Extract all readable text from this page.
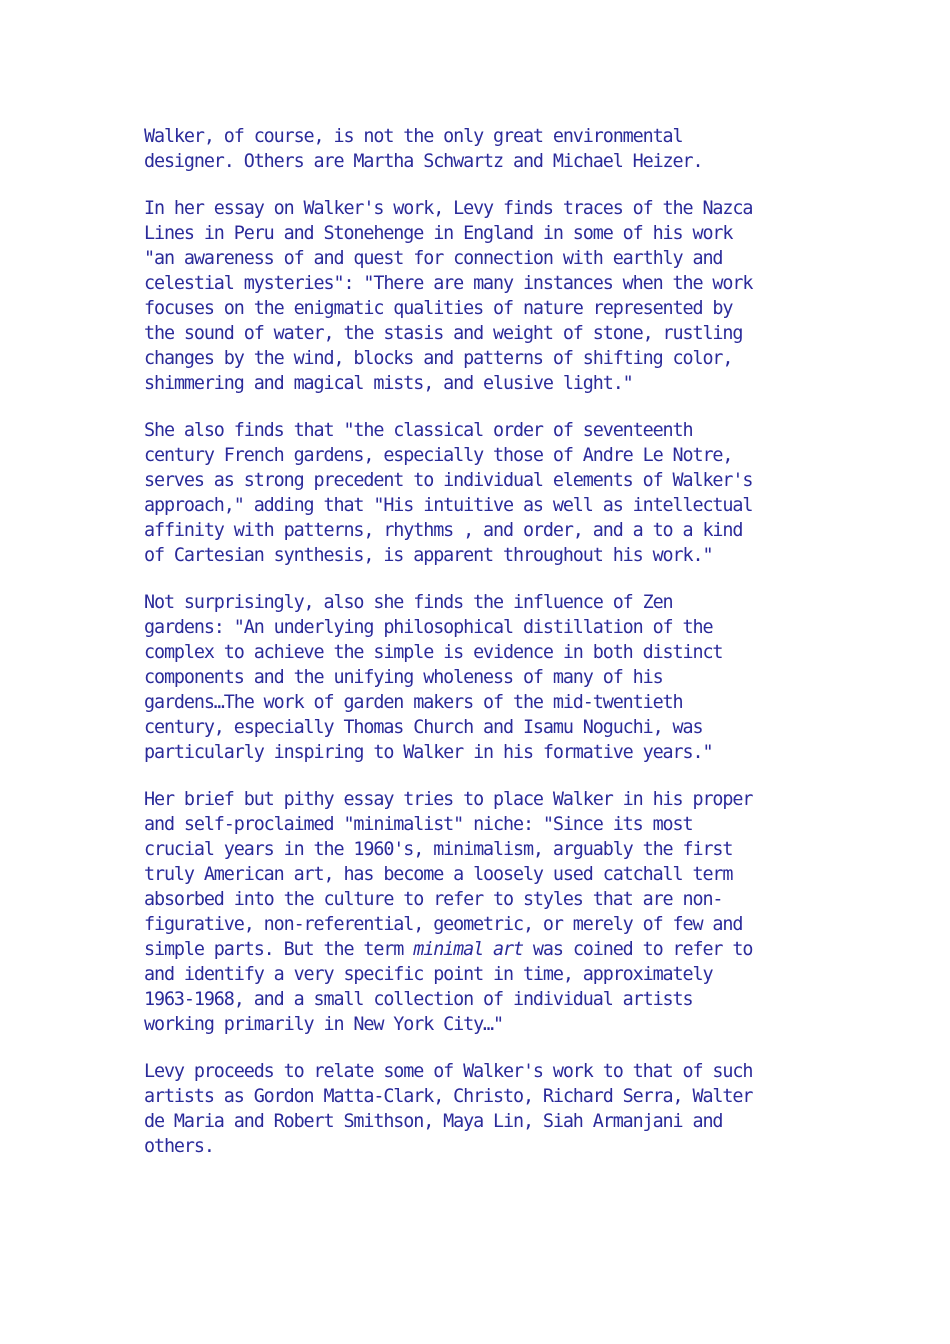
Walker, of course, is not the only great environmental
designer. Others are Martha Schwartz and Michael Heizer.

In her essay on Walker's work, Levy finds traces of the Nazca
Lines in Peru and Stonehenge in England in some of his work
"an awareness of and quest for connection with earthly and
celestial mysteries": "There are many instances when the work
focuses on the enigmatic qualities of nature represented by
the sound of water, the stasis and weight of stone, rustling
changes by the wind, blocks and patterns of shifting color,
shimmering and magical mists, and elusive light."

She also finds that "the classical order of seventeenth
century French gardens, especially those of Andre Le Notre,
serves as strong precedent to individual elements of Walker's
approach," adding that "His intuitive as well as intellectual
affinity with patterns, rhythms , and order, and a to a kind
of Cartesian synthesis, is apparent throughout his work."

Not surprisingly, also she finds the influence of Zen
gardens: "An underlying philosophical distillation of the
complex to achieve the simple is evidence in both distinct
components and the unifying wholeness of many of his
gardens…The work of garden makers of the mid-twentieth
century, especially Thomas Church and Isamu Noguchi, was
particularly inspiring to Walker in his formative years."

Her brief but pithy essay tries to place Walker in his proper
and self-proclaimed "minimalist" niche: "Since its most
crucial years in the 1960's, minimalism, arguably the first
truly American art, has become a loosely used catchall term
absorbed into the culture to refer to styles that are non-
figurative, non-referential, geometric, or merely of few and
simple parts. But the term minimal art was coined to refer to
and identify a very specific point in time, approximately
1963-1968, and a small collection of individual artists
working primarily in New York City…"

Levy proceeds to relate some of Walker's work to that of such
artists as Gordon Matta-Clark, Christo, Richard Serra, Walter
de Maria and Robert Smithson, Maya Lin, Siah Armanjani and
others.
